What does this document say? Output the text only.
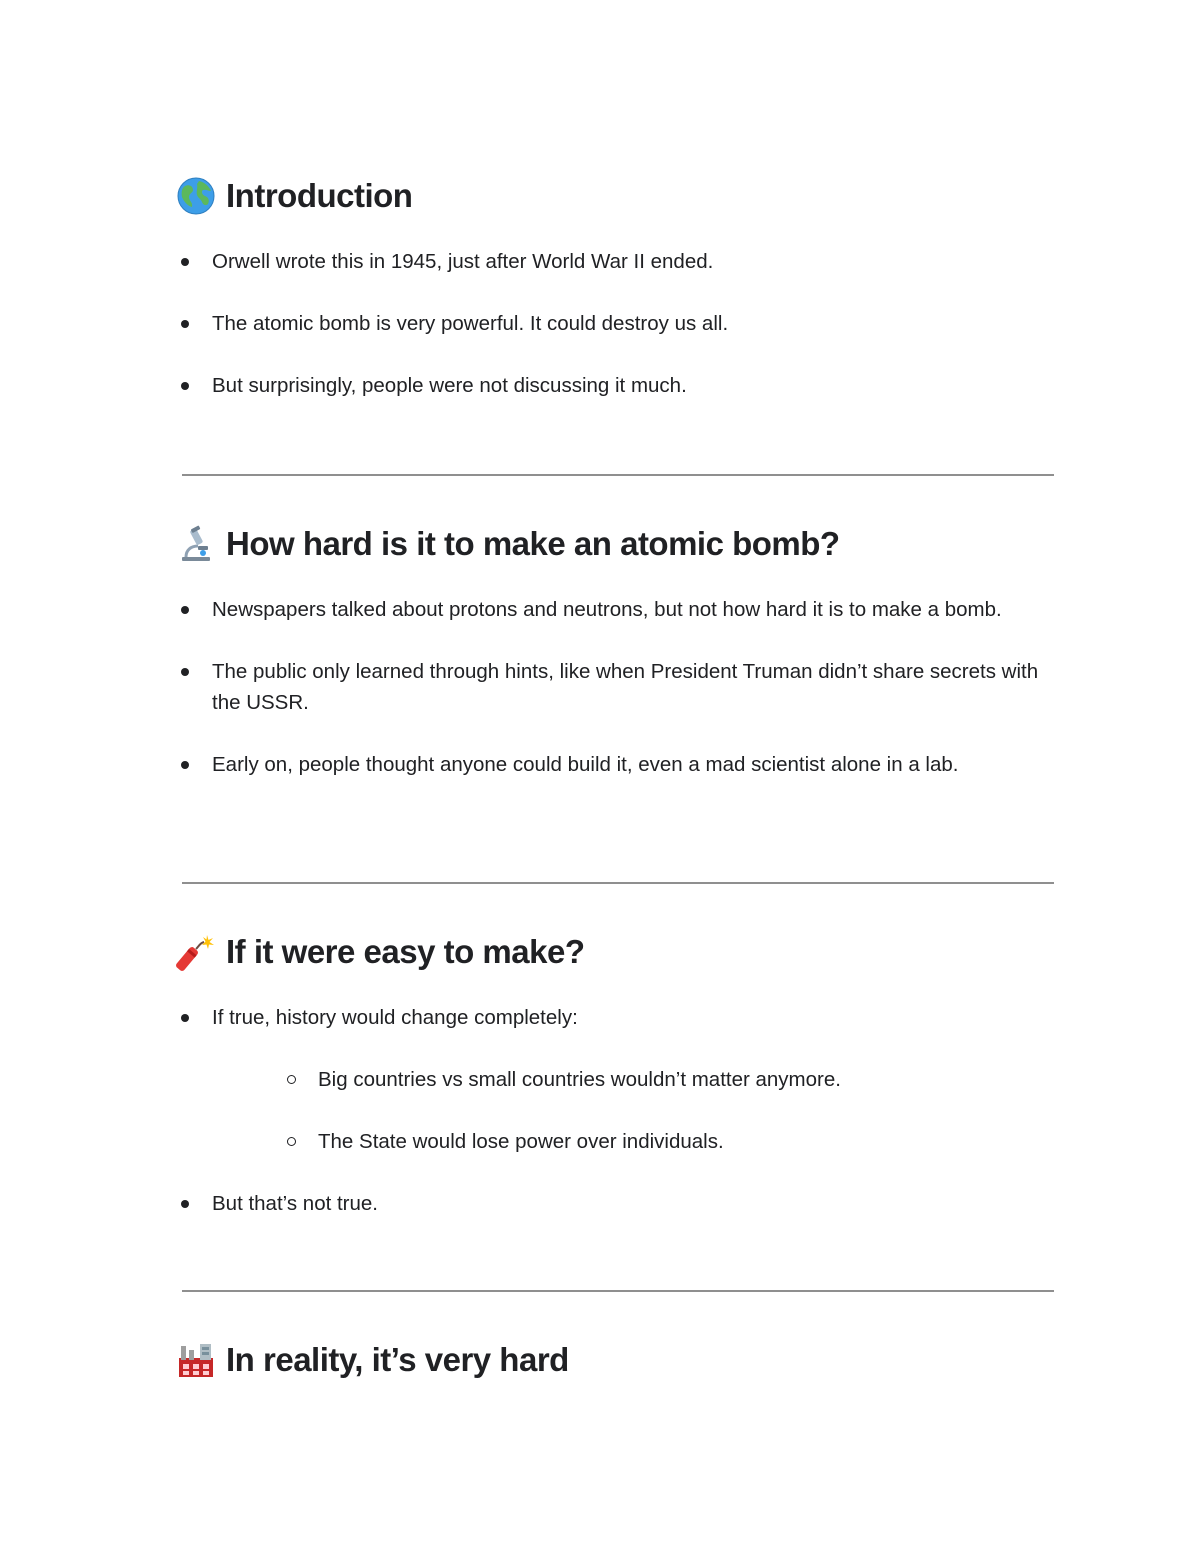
Introduction
Orwell wrote this in 1945, just after World War II ended.
The atomic bomb is very powerful. It could destroy us all.
But surprisingly, people were not discussing it much.
How hard is it to make an atomic bomb?
Newspapers talked about protons and neutrons, but not how hard it is to make a bomb.
The public only learned through hints, like when President Truman didn’t share secrets with the USSR.
Early on, people thought anyone could build it, even a mad scientist alone in a lab.
If it were easy to make?
If true, history would change completely:
Big countries vs small countries wouldn’t matter anymore.
The State would lose power over individuals.
But that’s not true.
In reality, it’s very hard
